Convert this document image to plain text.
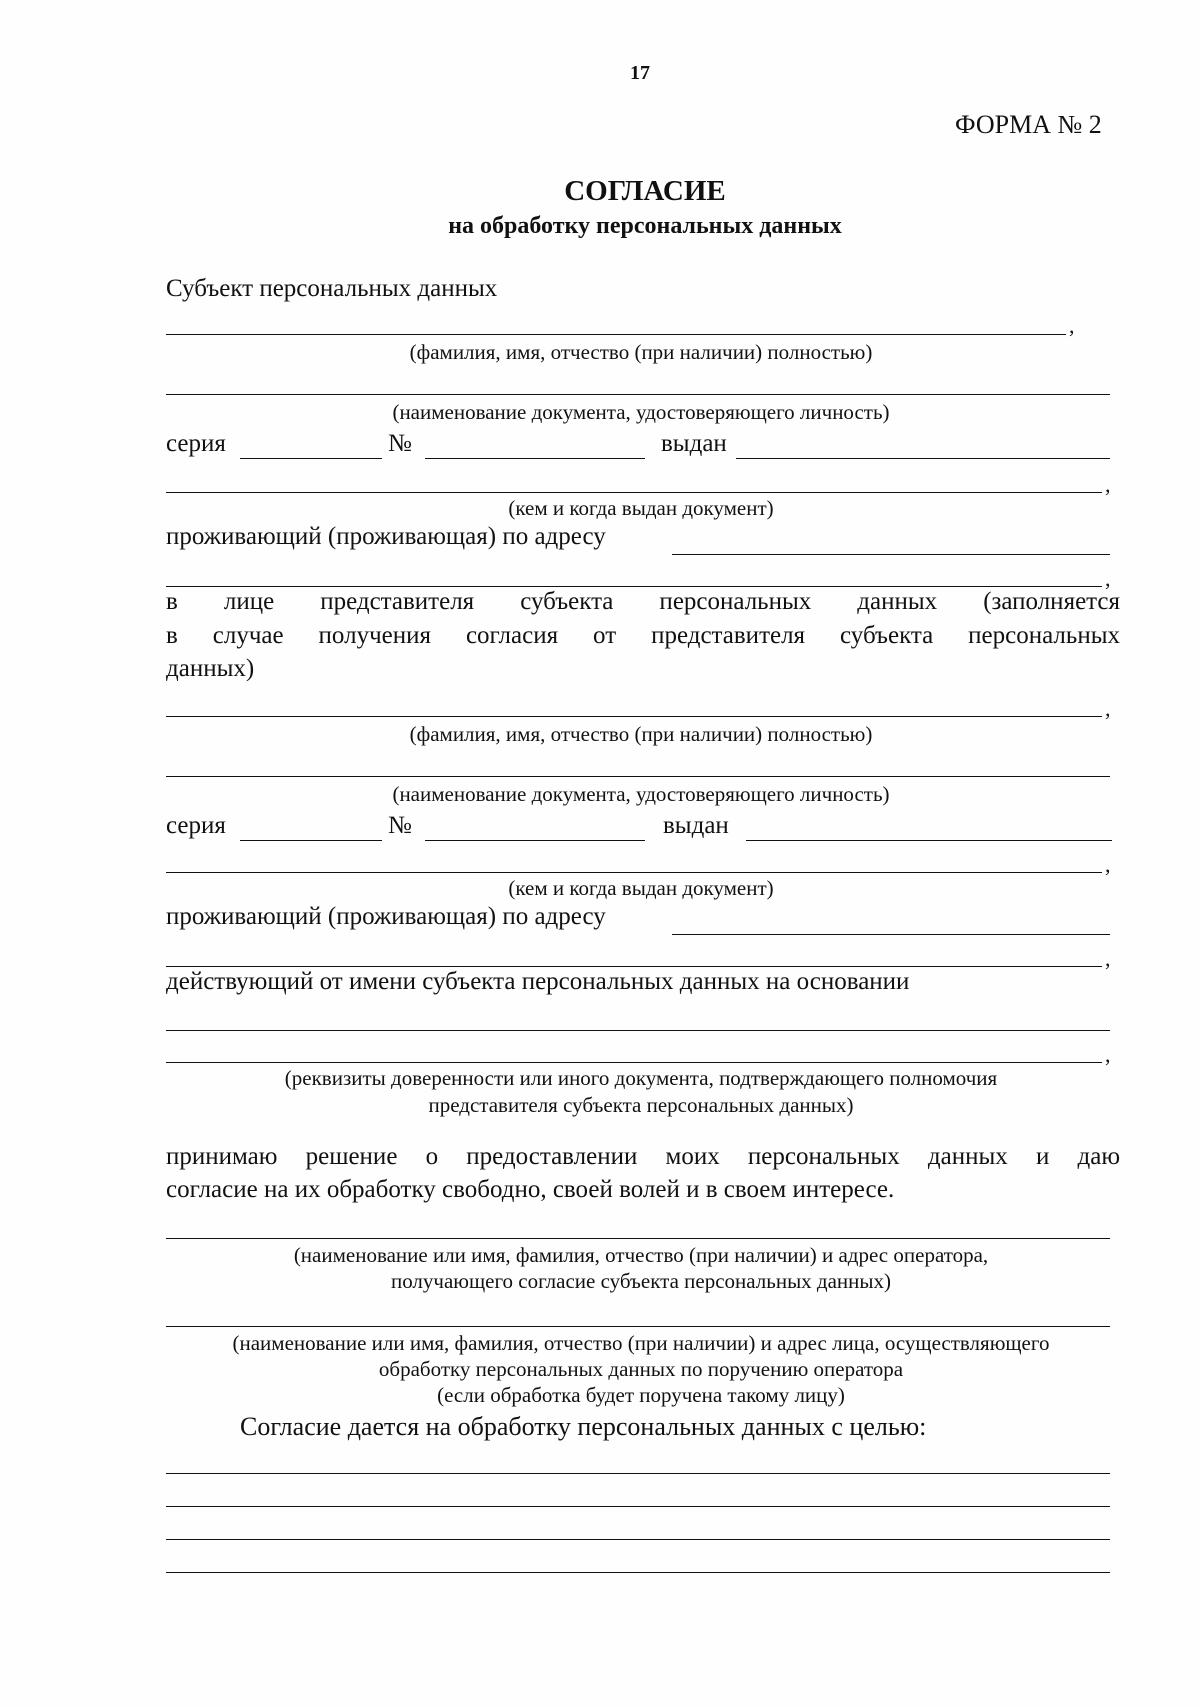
17
ФОРМА № 2
СОГЛАСИЕ
на обработку персональных данных
Субъект персональных данных
,
(фамилия, имя, отчество (при наличии) полностью)
(наименование документа, удостоверяющего личность)
серия	№	выдан
,
(кем и когда выдан документ)
проживающий (проживающая) по адресу
,
в лице представителя субъекта персональных данных (заполняется
в случае получения согласия от представителя субъекта персональных
данных)
,
(фамилия, имя, отчество (при наличии) полностью)
(наименование документа, удостоверяющего личность)
серия	№	выдан
,
(кем и когда выдан документ)
проживающий (проживающая) по адресу
,
действующий от имени субъекта персональных данных на основании
,
(реквизиты доверенности или иного документа, подтверждающего полномочия
представителя субъекта персональных данных)
принимаю решение о предоставлении моих персональных данных и даю
согласие на их обработку свободно, своей волей и в своем интересе.
(наименование или имя, фамилия, отчество (при наличии) и адрес оператора,
получающего согласие субъекта персональных данных)
(наименование или имя, фамилия, отчество (при наличии) и адрес лица, осуществляющего
обработку персональных данных по поручению оператора
(если обработка будет поручена такому лицу)
Согласие дается на обработку персональных данных с целью:
